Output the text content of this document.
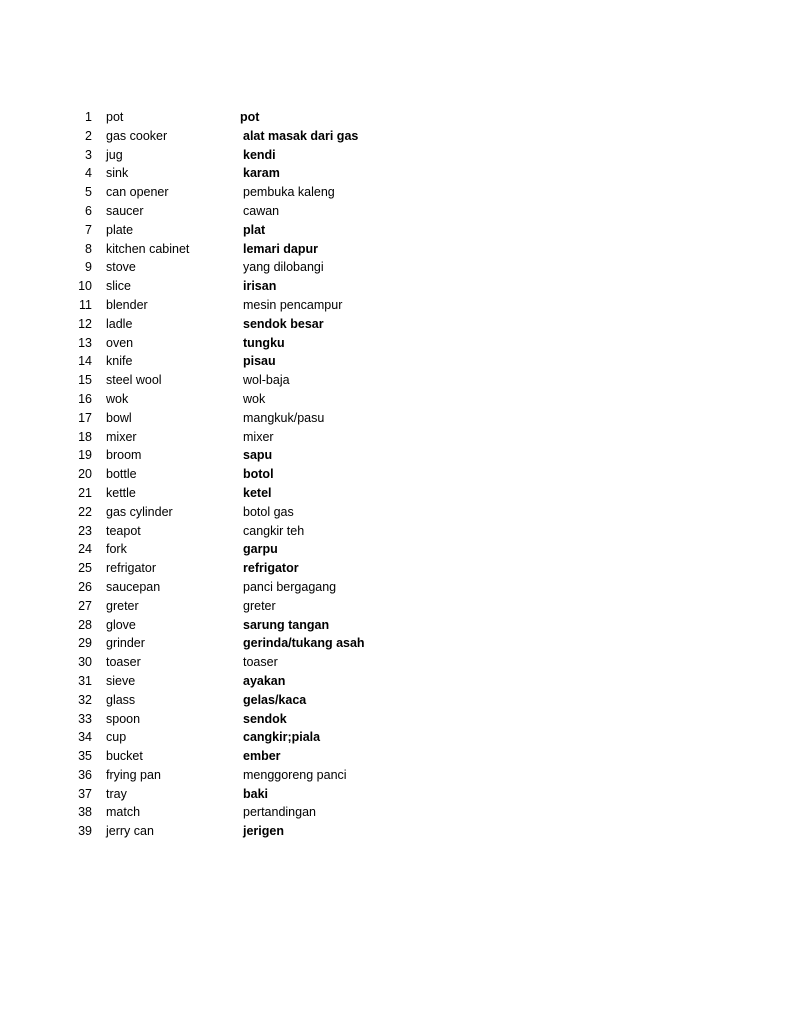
1 pot	pot
2 gas cooker	alat masak dari gas
3 jug	kendi
4 sink	karam
5 can opener	pembuka kaleng
6 saucer	cawan
7 plate	plat
8 kitchen cabinet	lemari dapur
9 stove	yang dilobangi
10 slice	irisan
11 blender	mesin pencampur
12 ladle	sendok besar
13 oven	tungku
14 knife	pisau
15 steel wool	wol-baja
16 wok	wok
17 bowl	mangkuk/pasu
18 mixer	mixer
19 broom	sapu
20 bottle	botol
21 kettle	ketel
22 gas cylinder	botol gas
23 teapot	cangkir teh
24 fork	garpu
25 refrigator	refrigator
26 saucepan	panci bergagang
27 greter	greter
28 glove	sarung tangan
29 grinder	gerinda/tukang asah
30 toaser	toaser
31 sieve	ayakan
32 glass	gelas/kaca
33 spoon	sendok
34 cup	cangkir;piala
35 bucket	ember
36 frying pan	menggoreng panci
37 tray	baki
38 match	pertandingan
39 jerry can	jerigen
